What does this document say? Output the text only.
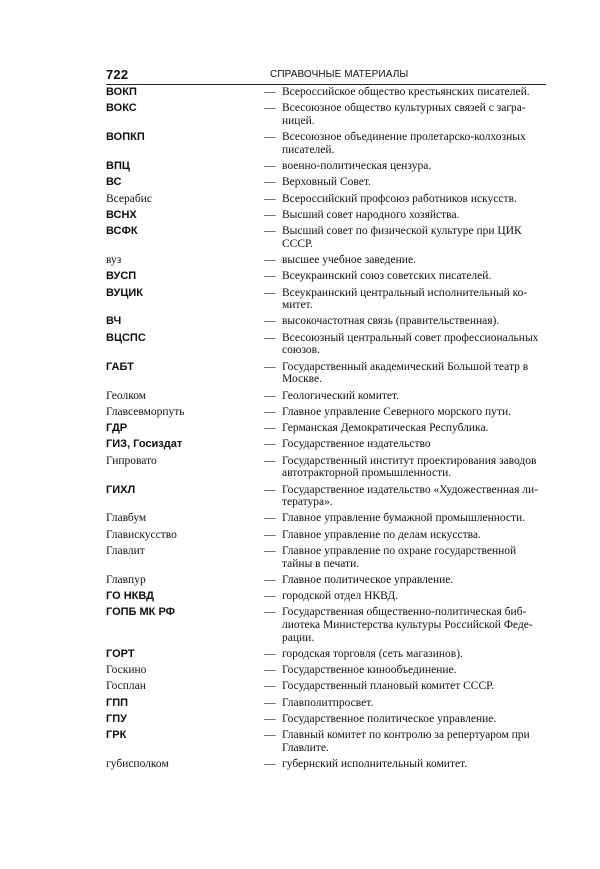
722	СПРАВОЧНЫЕ МАТЕРИАЛЫ
ВОКП	— Всероссийское общество крестьянских писателей.
ВОКС	— Всесоюзное общество культурных связей с загра-
ницей.
ВОПКП	— Всесоюзное объединение пролетарско-колхозных
писателей.
ВПЦ	— военно-политическая цензура.
ВС	— Верховный Совет.
Всерабис	— Всероссийский профсоюз работников искусств.
ВСНХ	— Высший совет народного хозяйства.
ВСФК	— Высший совет по физической культуре при ЦИК
СССР.
вуз	— высшее учебное заведение.
ВУСП	— Всеукраинский союз советских писателей.
ВУЦИК	— Всеукраинский центральный исполнительный ко-
митет.
ВЧ	— высокочастотная связь (правительственная).
ВЦСПС	— Всесоюзный центральный совет профессиональных
союзов.
ГАБТ	— Государственный академический Большой театр в
Москве.
Геолком	— Геологический комитет.
Главсевморпуть	— Главное управление Северного морского пути.
ГДР	— Германская Демократическая Республика.
ГИЗ, Госиздат	— Государственное издательство
Гипровато	— Государственный институт проектирования заводов
автотракторной промышленности.
ГИХЛ	— Государственное издательство «Художественная ли-
тература».
Главбум	— Главное управление бумажной промышленности.
Главискусство	— Главное управление по делам искусства.
Главлит	— Главное управление по охране государственной
тайны в печати.
Главпур	— Главное политическое управление.
ГО НКВД	— городской отдел НКВД.
ГОПБ МК РФ	— Государственная общественно-политическая биб-
лиотека Министерства культуры Российской Феде-
рации.
ГОРТ	— городская торговля (сеть магазинов).
Госкино	— Государственное кинообъединение.
Госплан	— Государственный плановый комитет СССР.
ГПП	— Главполитпросвет.
ГПУ	— Государственное политическое управление.
ГРК	— Главный комитет по контролю за репертуаром при
Главлите.
губисполком	— губернский исполнительный комитет.
